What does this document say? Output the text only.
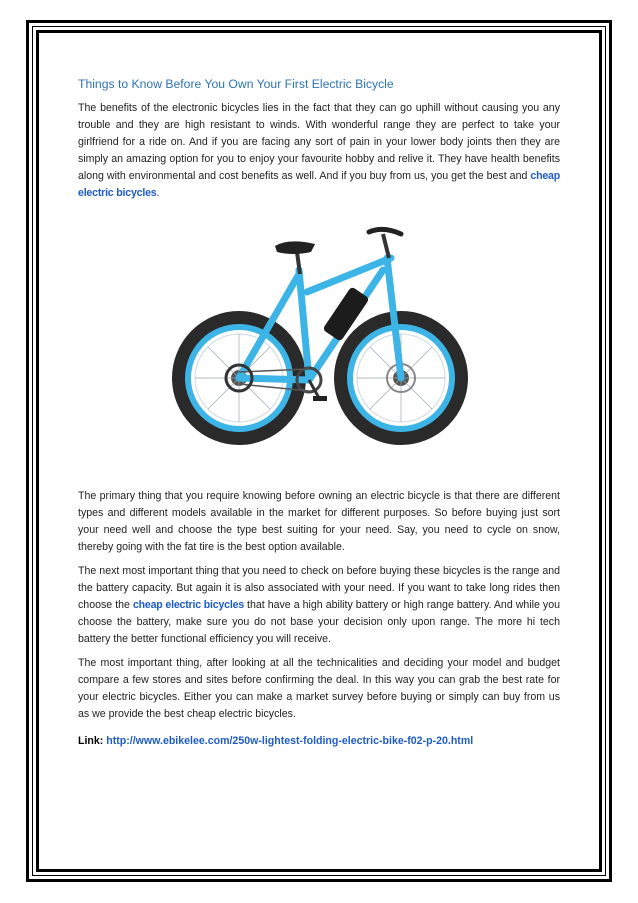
Things to Know Before You Own Your First Electric Bicycle

The benefits of the electronic bicycles lies in the fact that they can go uphill without causing you any trouble and they are high resistant to winds. With wonderful range they are perfect to take your girlfriend for a ride on. And if you are facing any sort of pain in your lower body joints then they are simply an amazing option for you to enjoy your favourite hobby and relive it. They have health benefits along with environmental and cost benefits as well. And if you buy from us, you get the best and cheap electric bicycles.

The primary thing that you require knowing before owning an electric bicycle is that there are different types and different models available in the market for different purposes. So before buying just sort your need well and choose the type best suiting for your need. Say, you need to cycle on snow, thereby going with the fat tire is the best option available.

The next most important thing that you need to check on before buying these bicycles is the range and the battery capacity. But again it is also associated with your need. If you want to take long rides then choose the cheap electric bicycles that have a high ability battery or high range battery. And while you choose the battery, make sure you do not base your decision only upon range. The more hi tech battery the better functional efficiency you will receive.

The most important thing, after looking at all the technicalities and deciding your model and budget compare a few stores and sites before confirming the deal. In this way you can grab the best rate for your electric bicycles. Either you can make a market survey before buying or simply can buy from us as we provide the best cheap electric bicycles.

Link: http://www.ebikelee.com/250w-lightest-folding-electric-bike-f02-p-20.html
